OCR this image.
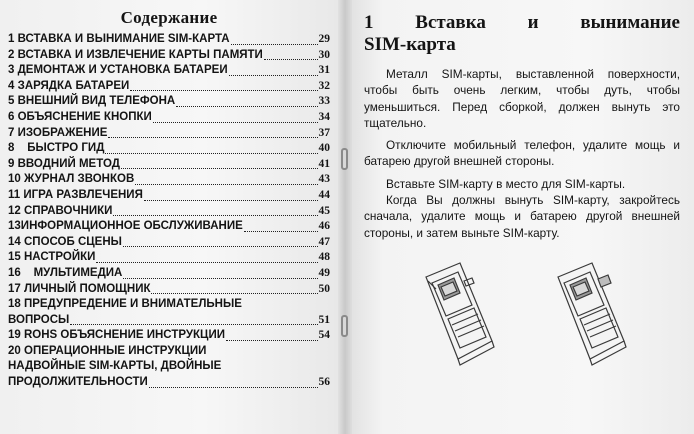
Содержание
1 ВСТАВКА И ВЫНИМАНИЕ SIM-КАРТА	29
2 ВСТАВКА И ИЗВЛЕЧЕНИЕ КАРТЫ ПАМЯТИ	30
3 ДЕМОНТАЖ И УСТАНОВКА БАТАРЕИ	31
4 ЗАРЯДКА БАТАРЕИ	32
5 ВНЕШНИЙ ВИД ТЕЛЕФОНА	33
6 ОБЪЯСНЕНИЕ КНОПКИ	34
7 ИЗОБРАЖЕНИЕ	37
8 БЫСТРО ГИД	40
9 ВВОДНИЙ МЕТОД	41
10 ЖУРНАЛ ЗВОНКОВ	43
11 ИГРА РАЗВЛЕЧЕНИЯ	44
12 СПРАВОЧНИКИ	45
13ИНФОРМАЦИОННОЕ ОБСЛУЖИВАНИЕ	46
14 СПОСОБ СЦЕНЫ	47
15 НАСТРОЙКИ	48
16 МУЛЬТИМЕДИА	49
17 ЛИЧНЫЙ ПОМОЩНИК	50
18 ПРЕДУПРЕДЕНИЕ И ВНИМАТЕЛЬНЫЕ
ВОПРОСЫ	51
19 ROHS ОБЪЯСНЕНИЕ ИНСТРУКЦИИ	54
20 ОПЕРАЦИОННЫЕ ИНСТРУКЦИИ
НАДВОЙНЫЕ SIM-КАРТЫ, ДВОЙНЫЕ
ПРОДОЛЖИТЕЛЬНОСТИ	56
1 Вставка и вынимание
SIM-карта

Металл SIM-карты, выставленной поверхности, чтобы быть очень легким, чтобы дуть, чтобы уменьшиться. Перед сборкой, должен вынуть это тщательно.

Отключите мобильный телефон, удалите мощь и батарею другой внешней стороны.

Вставьте SIM-карту в место для SIM-карты.

Когда Вы должны вынуть SIM-карту, закройтесь сначала, удалите мощь и батарею другой внешней стороны, и затем выньте SIM-карту.
